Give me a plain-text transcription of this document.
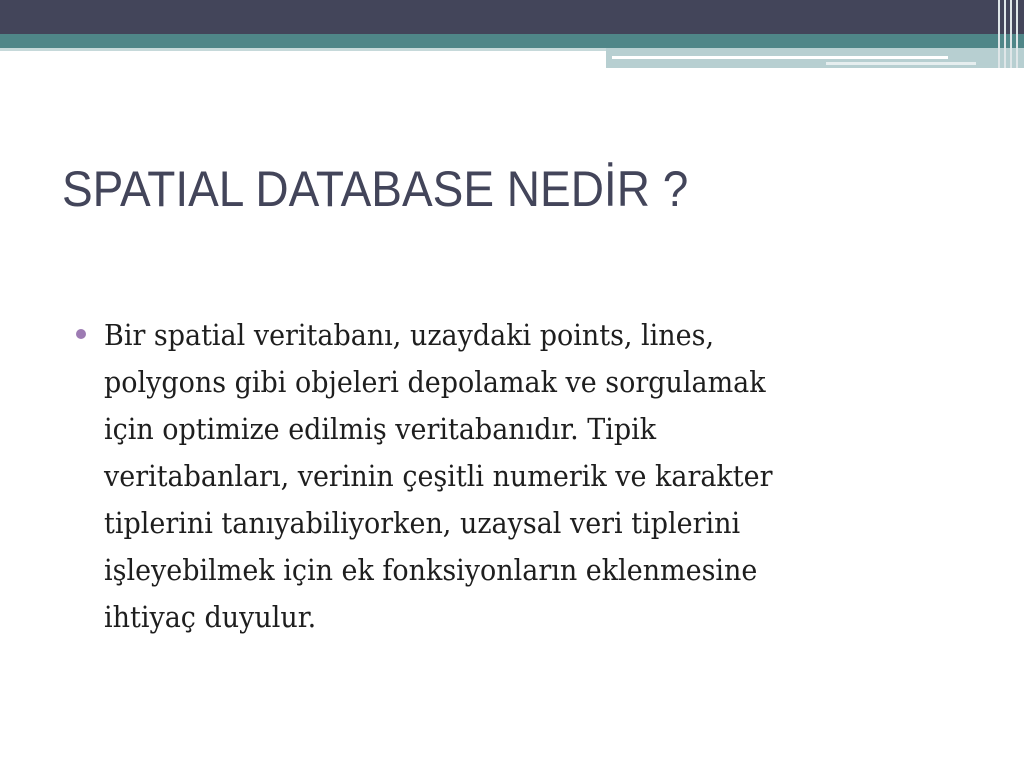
SPATIAL DATABASE NEDİR ?
Bir spatial veritabanı, uzaydaki points, lines,
polygons gibi objeleri depolamak ve sorgulamak
için optimize edilmiş veritabanıdır. Tipik
veritabanları, verinin çeşitli numerik ve karakter
tiplerini tanıyabiliyorken, uzaysal veri tiplerini
işleyebilmek için ek fonksiyonların eklenmesine
ihtiyaç duyulur.
